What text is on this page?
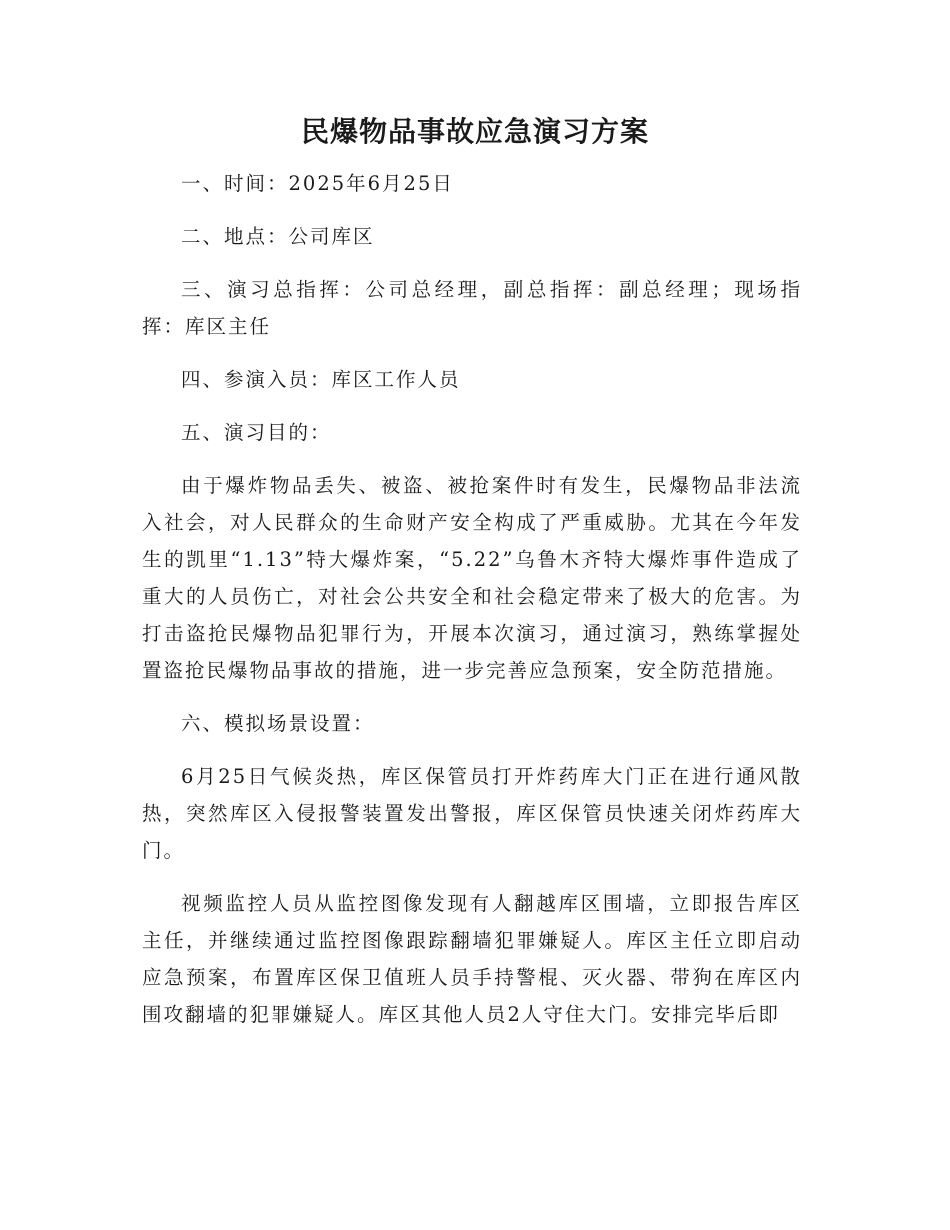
民爆物品事故应急演习方案

一、时间：2025年6月25日

二、地点：公司库区

三、演习总指挥：公司总经理，副总指挥：副总经理；现场指挥：库区主任

四、参演入员：库区工作人员

五、演习目的：

由于爆炸物品丢失、被盗、被抢案件时有发生，民爆物品非法流入社会，对人民群众的生命财产安全构成了严重威胁。尤其在今年发生的凯里“1.13”特大爆炸案，“5.22”乌鲁木齐特大爆炸事件造成了重大的人员伤亡，对社会公共安全和社会稳定带来了极大的危害。为打击盗抢民爆物品犯罪行为，开展本次演习，通过演习，熟练掌握处置盗抢民爆物品事故的措施，进一步完善应急预案，安全防范措施。

六、模拟场景设置：

6月25日气候炎热，库区保管员打开炸药库大门正在进行通风散热，突然库区入侵报警装置发出警报，库区保管员快速关闭炸药库大门。

视频监控人员从监控图像发现有人翻越库区围墙，立即报告库区主任，并继续通过监控图像跟踪翻墙犯罪嫌疑人。库区主任立即启动应急预案，布置库区保卫值班人员手持警棍、灭火器、带狗在库区内围攻翻墙的犯罪嫌疑人。库区其他人员2人守住大门。安排完毕后即
